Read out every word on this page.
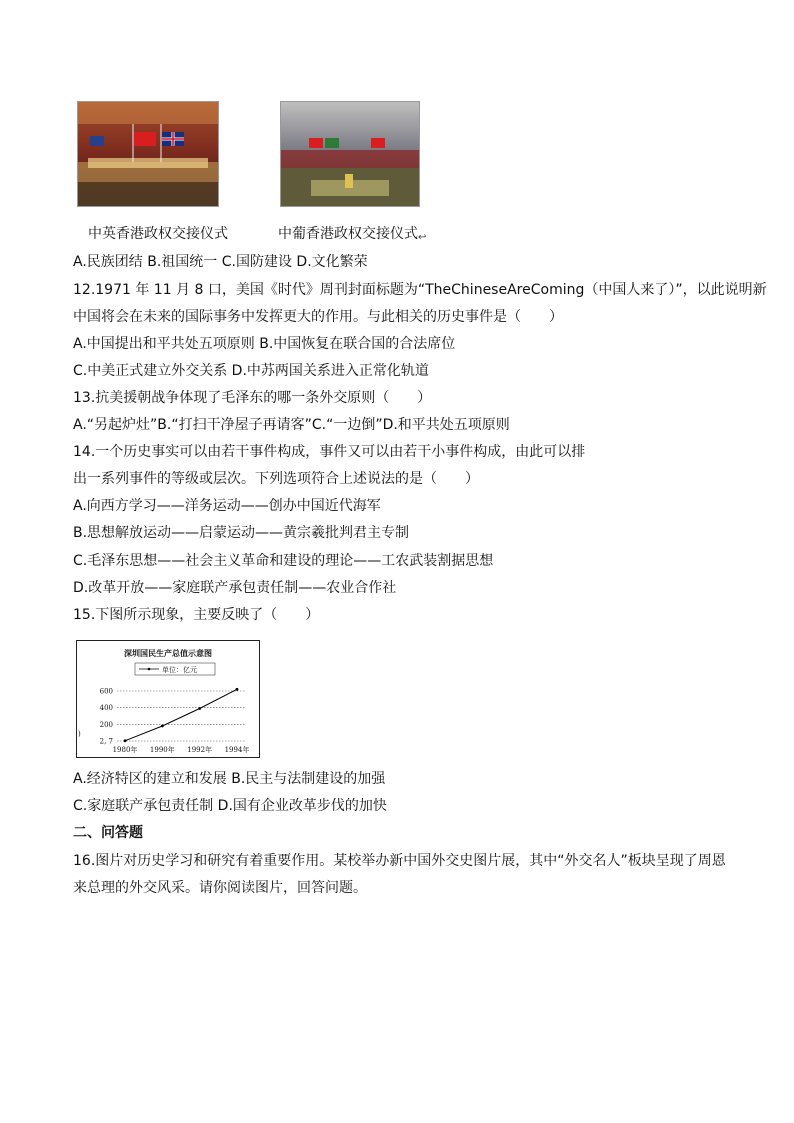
中英香港政权交接仪式	中葡香港政权交接仪式 ↩
A.民族团结 B.祖国统一 C.国防建设 D.文化繁荣
12.1971 年 11 月 8 口，美国《时代》周刊封面标题为“TheChineseAreComing（中国人来了）”，以此说明新
中国将会在未来的国际事务中发挥更大的作用。与此相关的历史事件是（　　）
A.中国提出和平共处五项原则 B.中国恢复在联合国的合法席位
C.中美正式建立外交关系 D.中苏两国关系进入正常化轨道
13.抗美援朝战争体现了毛泽东的哪一条外交原则（　　）
A.“另起炉灶”B.“打扫干净屋子再请客”C.“一边倒”D.和平共处五项原则
14.一个历史事实可以由若干事件构成，事件又可以由若干小事件构成，由此可以排
出一系列事件的等级或层次。下列选项符合上述说法的是（　　）
A.向西方学习——洋务运动——创办中国近代海军
B.思想解放运动——启蒙运动——黄宗羲批判君主专制
C.毛泽东思想——社会主义革命和建设的理论——工农武装割据思想
D.改革开放——家庭联产承包责任制——农业合作社
15.下图所示现象，主要反映了（　　）
深圳国民生产总值示意图
单位：亿元
600
400
200
2, 7
1980年 1990年 1992年 1994年
)
A.经济特区的建立和发展 B.民主与法制建设的加强
C.家庭联产承包责任制 D.国有企业改革步伐的加快
二、问答题
16.图片对历史学习和研究有着重要作用。某校举办新中国外交史图片展，其中“外交名人”板块呈现了周恩
来总理的外交风采。请你阅读图片，回答问题。
